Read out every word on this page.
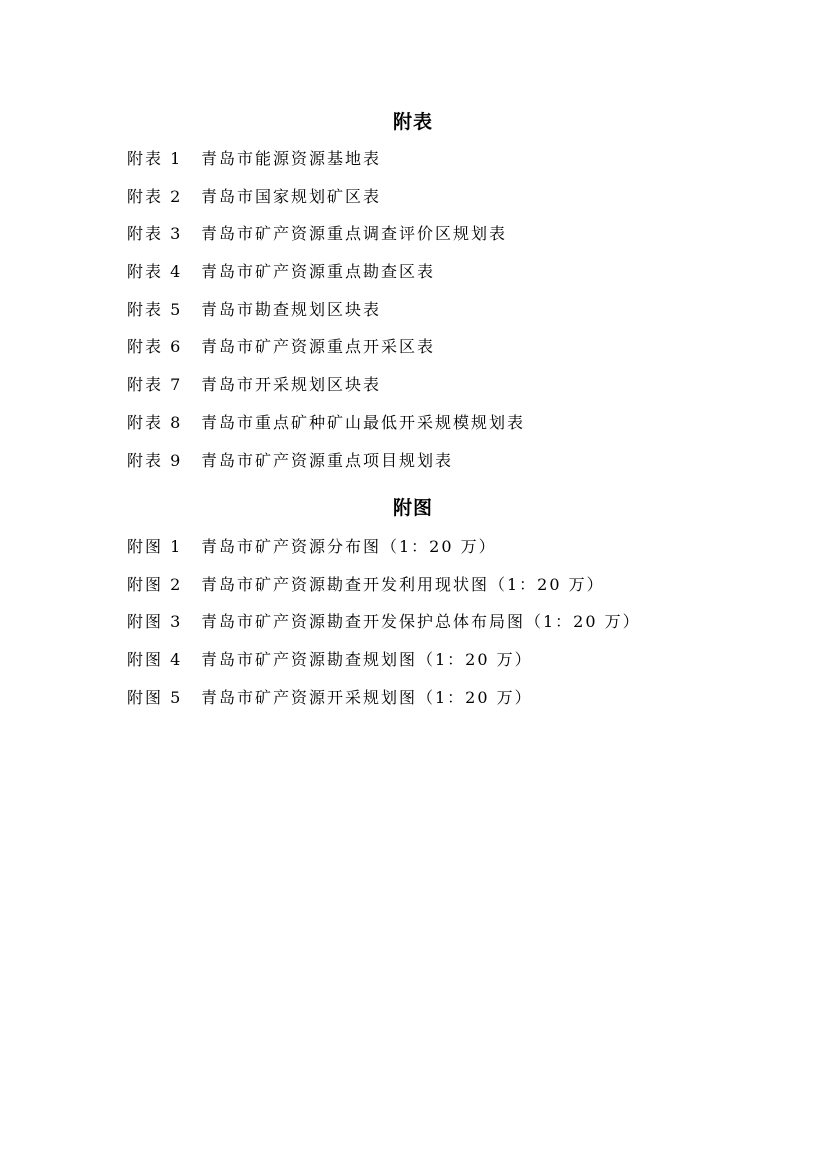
附表
附表 1 青岛市能源资源基地表
附表 2 青岛市国家规划矿区表
附表 3 青岛市矿产资源重点调查评价区规划表
附表 4 青岛市矿产资源重点勘查区表
附表 5 青岛市勘查规划区块表
附表 6 青岛市矿产资源重点开采区表
附表 7 青岛市开采规划区块表
附表 8 青岛市重点矿种矿山最低开采规模规划表
附表 9 青岛市矿产资源重点项目规划表
附图
附图 1 青岛市矿产资源分布图（1：20 万）
附图 2 青岛市矿产资源勘查开发利用现状图（1：20 万）
附图 3 青岛市矿产资源勘查开发保护总体布局图（1：20 万）
附图 4 青岛市矿产资源勘查规划图（1：20 万）
附图 5 青岛市矿产资源开采规划图（1：20 万）
